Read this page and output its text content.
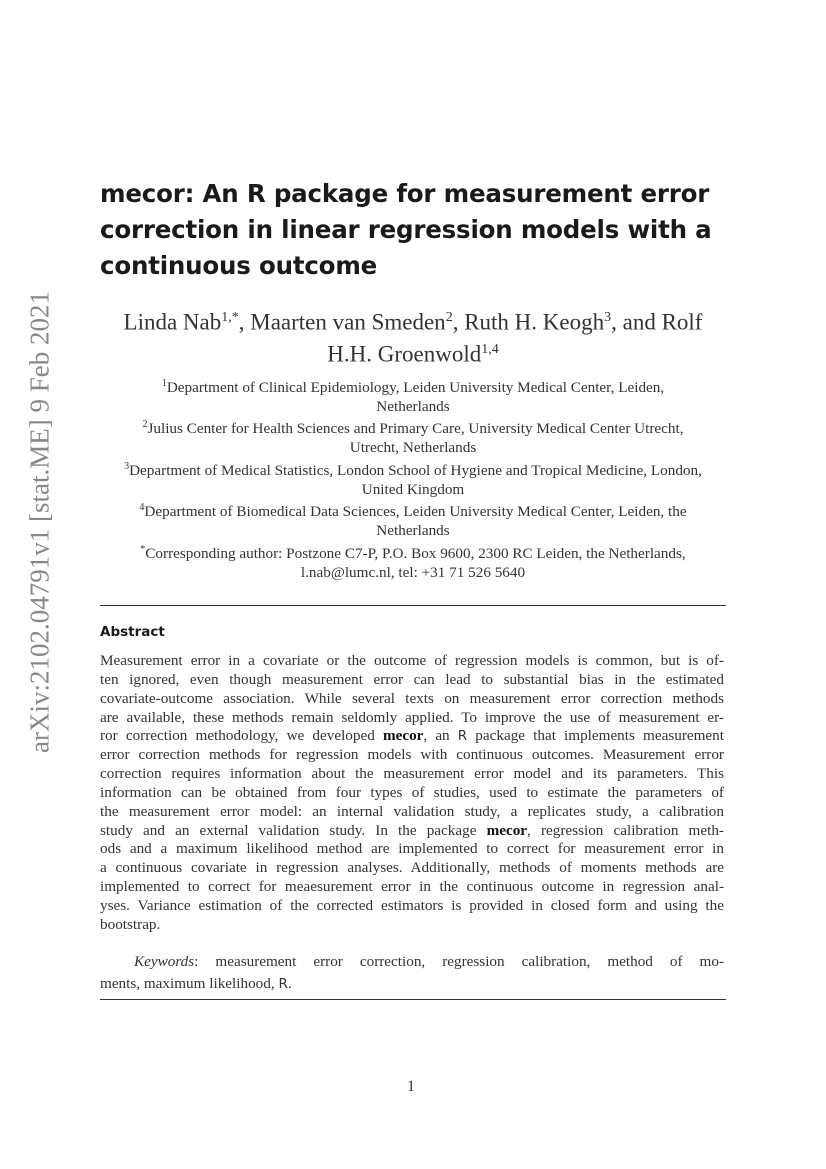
arXiv:2102.04791v1 [stat.ME] 9 Feb 2021
mecor: An R package for measurement error
correction in linear regression models with a
continuous outcome
Linda Nab$^{1,*}$, Maarten van Smeden$^2$, Ruth H. Keogh$^3$, and Rolf
H.H. Groenwold$^{1,4}$
$^1$Department of Clinical Epidemiology, Leiden University Medical Center, Leiden,
Netherlands
$^2$Julius Center for Health Sciences and Primary Care, University Medical Center Utrecht,
Utrecht, Netherlands
$^3$Department of Medical Statistics, London School of Hygiene and Tropical Medicine, London,
United Kingdom
$^4$Department of Biomedical Data Sciences, Leiden University Medical Center, Leiden, the
Netherlands
*Corresponding author: Postzone C7-P, P.O. Box 9600, 2300 RC Leiden, the Netherlands,
l.nab@lumc.nl, tel: +31 71 526 5640
Abstract
Measurement error in a covariate or the outcome of regression models is common, but is of-
ten ignored, even though measurement error can lead to substantial bias in the estimated
covariate-outcome association. While several texts on measurement error correction methods
are available, these methods remain seldomly applied. To improve the use of measurement er-
ror correction methodology, we developed mecor, an R package that implements measurement
error correction methods for regression models with continuous outcomes. Measurement error
correction requires information about the measurement error model and its parameters. This
information can be obtained from four types of studies, used to estimate the parameters of
the measurement error model: an internal validation study, a replicates study, a calibration
study and an external validation study. In the package mecor, regression calibration meth-
ods and a maximum likelihood method are implemented to correct for measurement error in
a continuous covariate in regression analyses. Additionally, methods of moments methods are
implemented to correct for meaesurement error in the continuous outcome in regression anal-
yses. Variance estimation of the corrected estimators is provided in closed form and using the
bootstrap.
Keywords: measurement error correction, regression calibration, method of mo-
ments, maximum likelihood, R.
1
